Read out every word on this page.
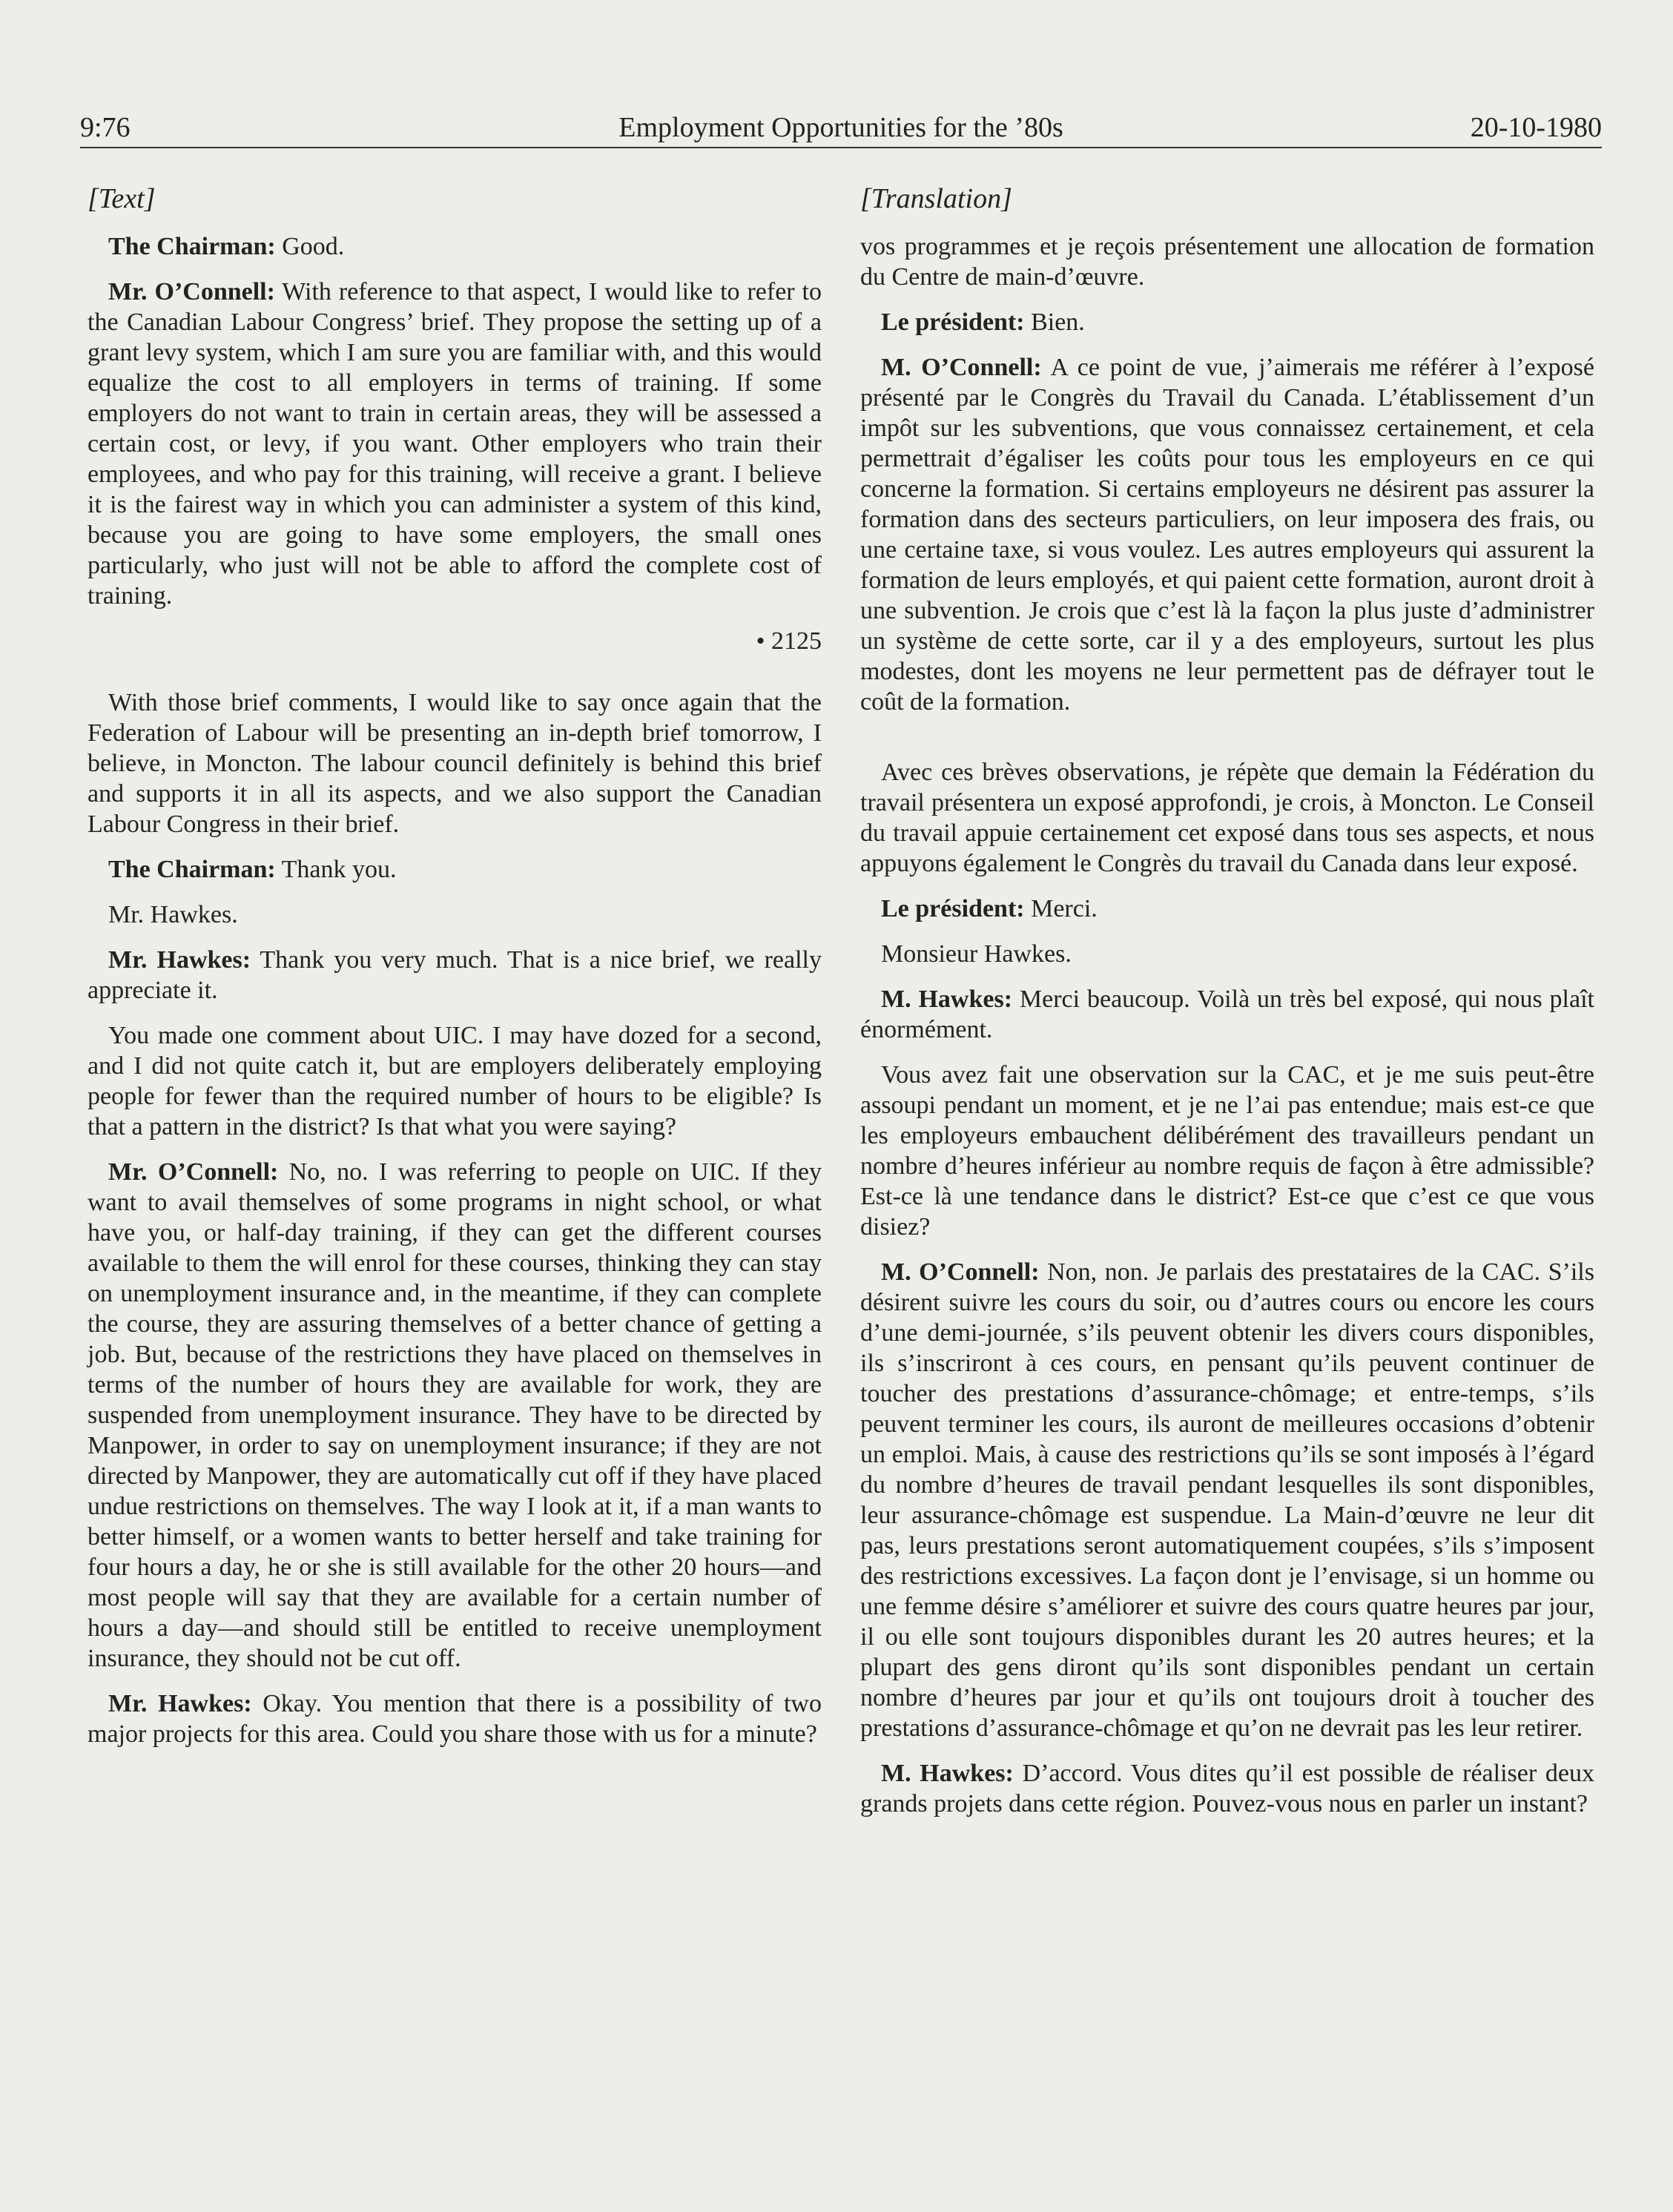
9:76	Employment Opportunities for the ’80s	20-10-1980
[Text]

The Chairman: Good.

Mr. O’Connell: With reference to that aspect, I would like to refer to the Canadian Labour Congress’ brief. They propose the setting up of a grant levy system, which I am sure you are familiar with, and this would equalize the cost to all employers in terms of training. If some employers do not want to train in certain areas, they will be assessed a certain cost, or levy, if you want. Other employers who train their employees, and who pay for this training, will receive a grant. I believe it is the fairest way in which you can administer a system of this kind, because you are going to have some employers, the small ones particularly, who just will not be able to afford the complete cost of training.

• 2125

With those brief comments, I would like to say once again that the Federation of Labour will be presenting an in-depth brief tomorrow, I believe, in Moncton. The labour council definitely is behind this brief and supports it in all its aspects, and we also support the Canadian Labour Congress in their brief.

The Chairman: Thank you.

Mr. Hawkes.

Mr. Hawkes: Thank you very much. That is a nice brief, we really appreciate it.

You made one comment about UIC. I may have dozed for a second, and I did not quite catch it, but are employers deliberately employing people for fewer than the required number of hours to be eligible? Is that a pattern in the district? Is that what you were saying?

Mr. O’Connell: No, no. I was referring to people on UIC. If they want to avail themselves of some programs in night school, or what have you, or half-day training, if they can get the different courses available to them the will enrol for these courses, thinking they can stay on unemployment insurance and, in the meantime, if they can complete the course, they are assuring themselves of a better chance of getting a job. But, because of the restrictions they have placed on themselves in terms of the number of hours they are available for work, they are suspended from unemployment insurance. They have to be directed by Manpower, in order to say on unemployment insurance; if they are not directed by Manpower, they are automatically cut off if they have placed undue restrictions on themselves. The way I look at it, if a man wants to better himself, or a women wants to better herself and take training for four hours a day, he or she is still available for the other 20 hours—and most people will say that they are available for a certain number of hours a day—and should still be entitled to receive unemployment insurance, they should not be cut off.

Mr. Hawkes: Okay. You mention that there is a possibility of two major projects for this area. Could you share those with us for a minute?

[Translation]

vos programmes et je reçois présentement une allocation de formation du Centre de main-d’œuvre.

Le président: Bien.

M. O’Connell: A ce point de vue, j’aimerais me référer à l’exposé présenté par le Congrès du Travail du Canada. L’établissement d’un impôt sur les subventions, que vous connaissez certainement, et cela permettrait d’égaliser les coûts pour tous les employeurs en ce qui concerne la formation. Si certains employeurs ne désirent pas assurer la formation dans des secteurs particuliers, on leur imposera des frais, ou une certaine taxe, si vous voulez. Les autres employeurs qui assurent la formation de leurs employés, et qui paient cette formation, auront droit à une subvention. Je crois que c’est là la façon la plus juste d’administrer un système de cette sorte, car il y a des employeurs, surtout les plus modestes, dont les moyens ne leur permettent pas de défrayer tout le coût de la formation.

Avec ces brèves observations, je répète que demain la Fédération du travail présentera un exposé approfondi, je crois, à Moncton. Le Conseil du travail appuie certainement cet exposé dans tous ses aspects, et nous appuyons également le Congrès du travail du Canada dans leur exposé.

Le président: Merci.

Monsieur Hawkes.

M. Hawkes: Merci beaucoup. Voilà un très bel exposé, qui nous plaît énormément.

Vous avez fait une observation sur la CAC, et je me suis peut-être assoupi pendant un moment, et je ne l’ai pas entendue; mais est-ce que les employeurs embauchent délibérément des travailleurs pendant un nombre d’heures inférieur au nombre requis de façon à être admissible? Est-ce là une tendance dans le district? Est-ce que c’est ce que vous disiez?

M. O’Connell: Non, non. Je parlais des prestataires de la CAC. S’ils désirent suivre les cours du soir, ou d’autres cours ou encore les cours d’une demi-journée, s’ils peuvent obtenir les divers cours disponibles, ils s’inscriront à ces cours, en pensant qu’ils peuvent continuer de toucher des prestations d’assurance-chômage; et entre-temps, s’ils peuvent terminer les cours, ils auront de meilleures occasions d’obtenir un emploi. Mais, à cause des restrictions qu’ils se sont imposés à l’égard du nombre d’heures de travail pendant lesquelles ils sont disponibles, leur assurance-chômage est suspendue. La Main-d’œuvre ne leur dit pas, leurs prestations seront automatiquement coupées, s’ils s’imposent des restrictions excessives. La façon dont je l’envisage, si un homme ou une femme désire s’améliorer et suivre des cours quatre heures par jour, il ou elle sont toujours disponibles durant les 20 autres heures; et la plupart des gens diront qu’ils sont disponibles pendant un certain nombre d’heures par jour et qu’ils ont toujours droit à toucher des prestations d’assurance-chômage et qu’on ne devrait pas les leur retirer.

M. Hawkes: D’accord. Vous dites qu’il est possible de réaliser deux grands projets dans cette région. Pouvez-vous nous en parler un instant?
